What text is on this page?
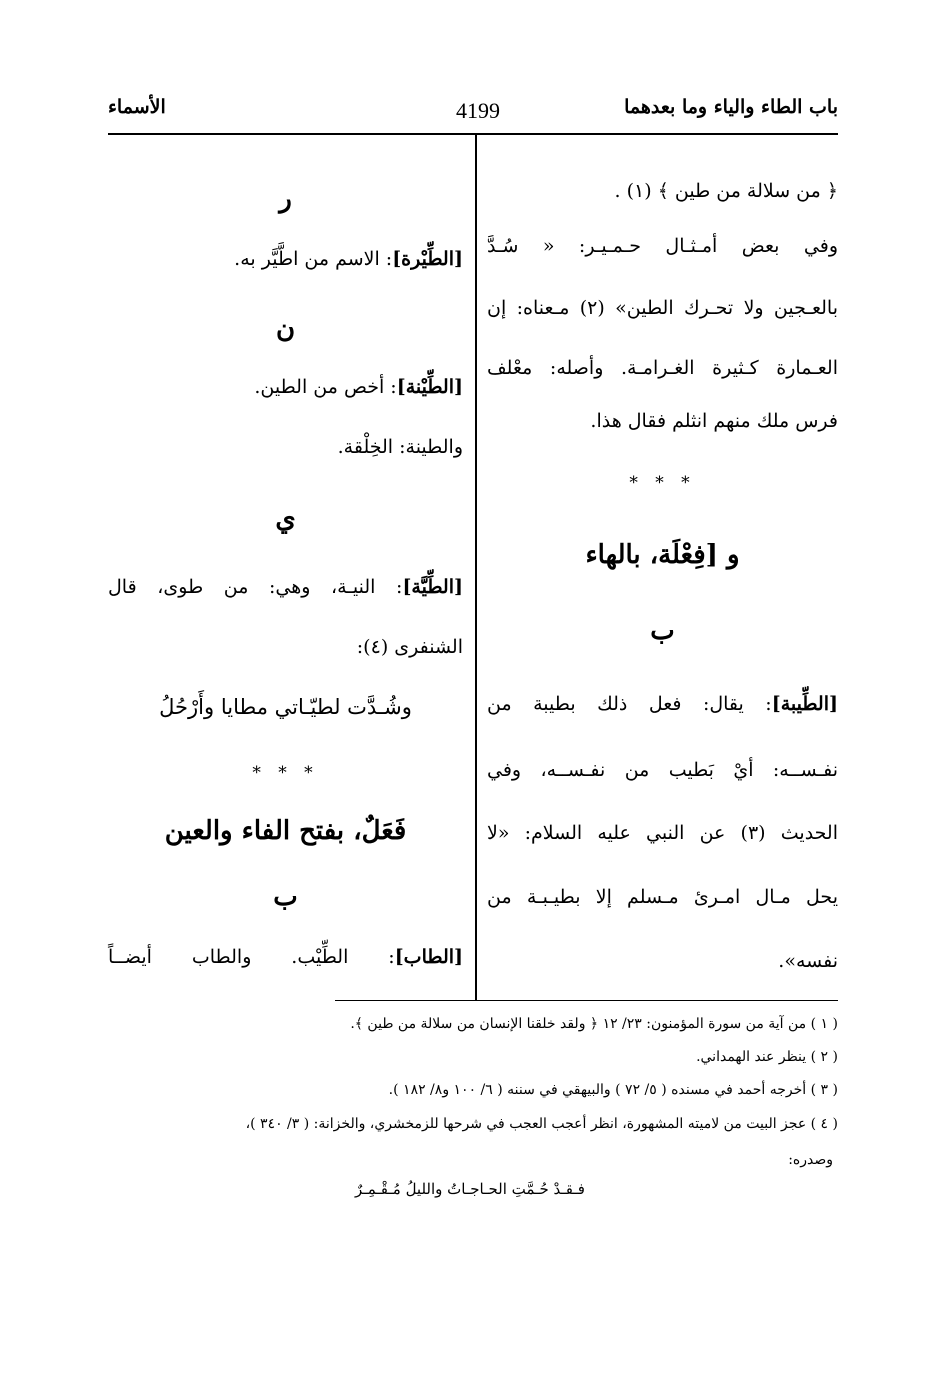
باب الطاء والياء وما بعدهما
4199
الأسماء
﴿ من سلالة من طين ﴾ (١) .
وفي بعض أمـثـال حـمـيـر: « سُـدَّ
بالعـجين ولا تحـرك الطين» (٢) مـعناه: إن
العـمارة كـثيرة الغـرامـة. وأصله: معْلف
فرس ملك منهم انثلم فقال هذا.
* * *
و [فِعْلَة، بالهاء
ب
[الطِّيبة]: يقال: فعل ذلك بطيبة من
نفـســه: أيْ بَطيب من نفـســه، وفي
الحديث (٣) عن النبي عليه السلام: «لا
يحل مـال امـرئ مـسلم إلا بطيـبـة من
نفسه».
ر
[الطِّيْرة]: الاسم من اطَّيَّر به.
ن
[الطِّيْنة]: أخص من الطين.
والطينة: الخِلْقة.
ي
[الطِّيَّة]: النيـة، وهي: من طوى، قال
الشنفرى (٤):
وشُـدَّت لطيّـاتي مطايا وأَرْحُلُ
* * *
فَعَلٌ، بفتح الفاء والعين
ب
[الطاب]: الطِّيْب. والطاب أيضــاً
( ١ ) من آية من سورة المؤمنون: ٢٣/ ١٢ ﴿ ولقد خلقنا الإنسان من سلالة من طين ﴾.
( ٢ ) ينظر عند الهمداني.
( ٣ ) أخرجه أحمد في مسنده ( ٥/ ٧٢ ) والبيهقي في سننه ( ٦/ ١٠٠ و٨/ ١٨٢ ).
( ٤ ) عجز البيت من لاميته المشهورة، انظر أعجب العجب في شرحها للزمخشري، والخزانة: ( ٣/ ٣٤٠ )،
وصدره:
فـقـدْ حُـمَّتِ الحـاجـاتُ والليلُ مُـقْـمِـرٌ
